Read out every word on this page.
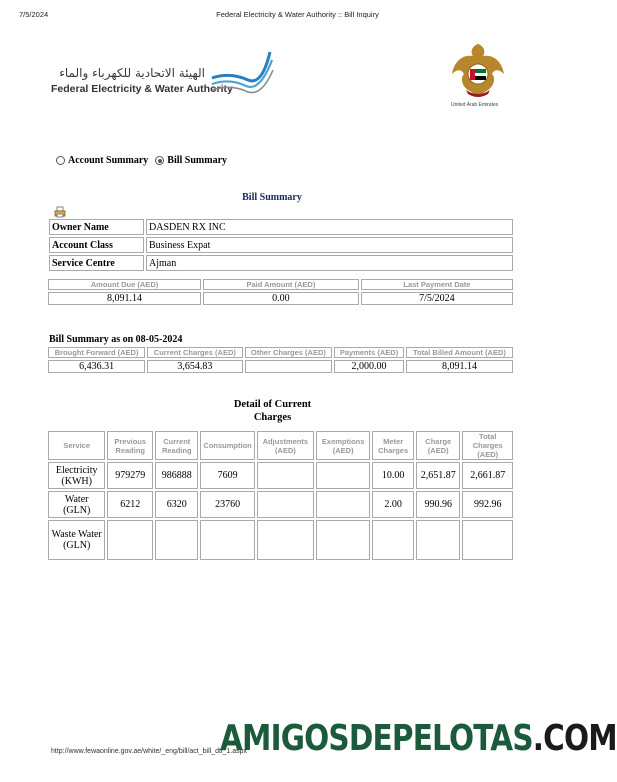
7/5/2024	Federal Electricity & Water Authority :: Bill Inquiry
الهيئة الاتحادية للكهرباء والماء
Federal Electricity & Water Authority
United Arab Emirates
Account Summary Bill Summary
Bill Summary
Owner Name	DASDEN RX INC
Account Class	Business Expat
Service Centre	Ajman
Amount Due (AED)	Paid Amount (AED)	Last Payment Date
8,091.14	0.00	7/5/2024
Bill Summary as on 08-05-2024
Brought Forward (AED)	Current Charges (AED)	Other Charges (AED)	Payments (AED)	Total Billed Amount (AED)
6,436.31	3,654.83		2,000.00	8,091.14
Detail of Current Charges
Service	Previous Reading	Current Reading	Consumption	Adjustments (AED)	Exemptions (AED)	Meter Charges	Charge (AED)	Total Charges (AED)
Electricity (KWH)	979279	986888	7609			10.00	2,651.87	2,661.87
Water (GLN)	6212	6320	23760			2.00	990.96	992.96
Waste Water (GLN)								
http://www.fewaonline.gov.ae/white/_eng/bill/act_bill_dtl_1.aspx
AMIGOSDEPELOTAS.COM
